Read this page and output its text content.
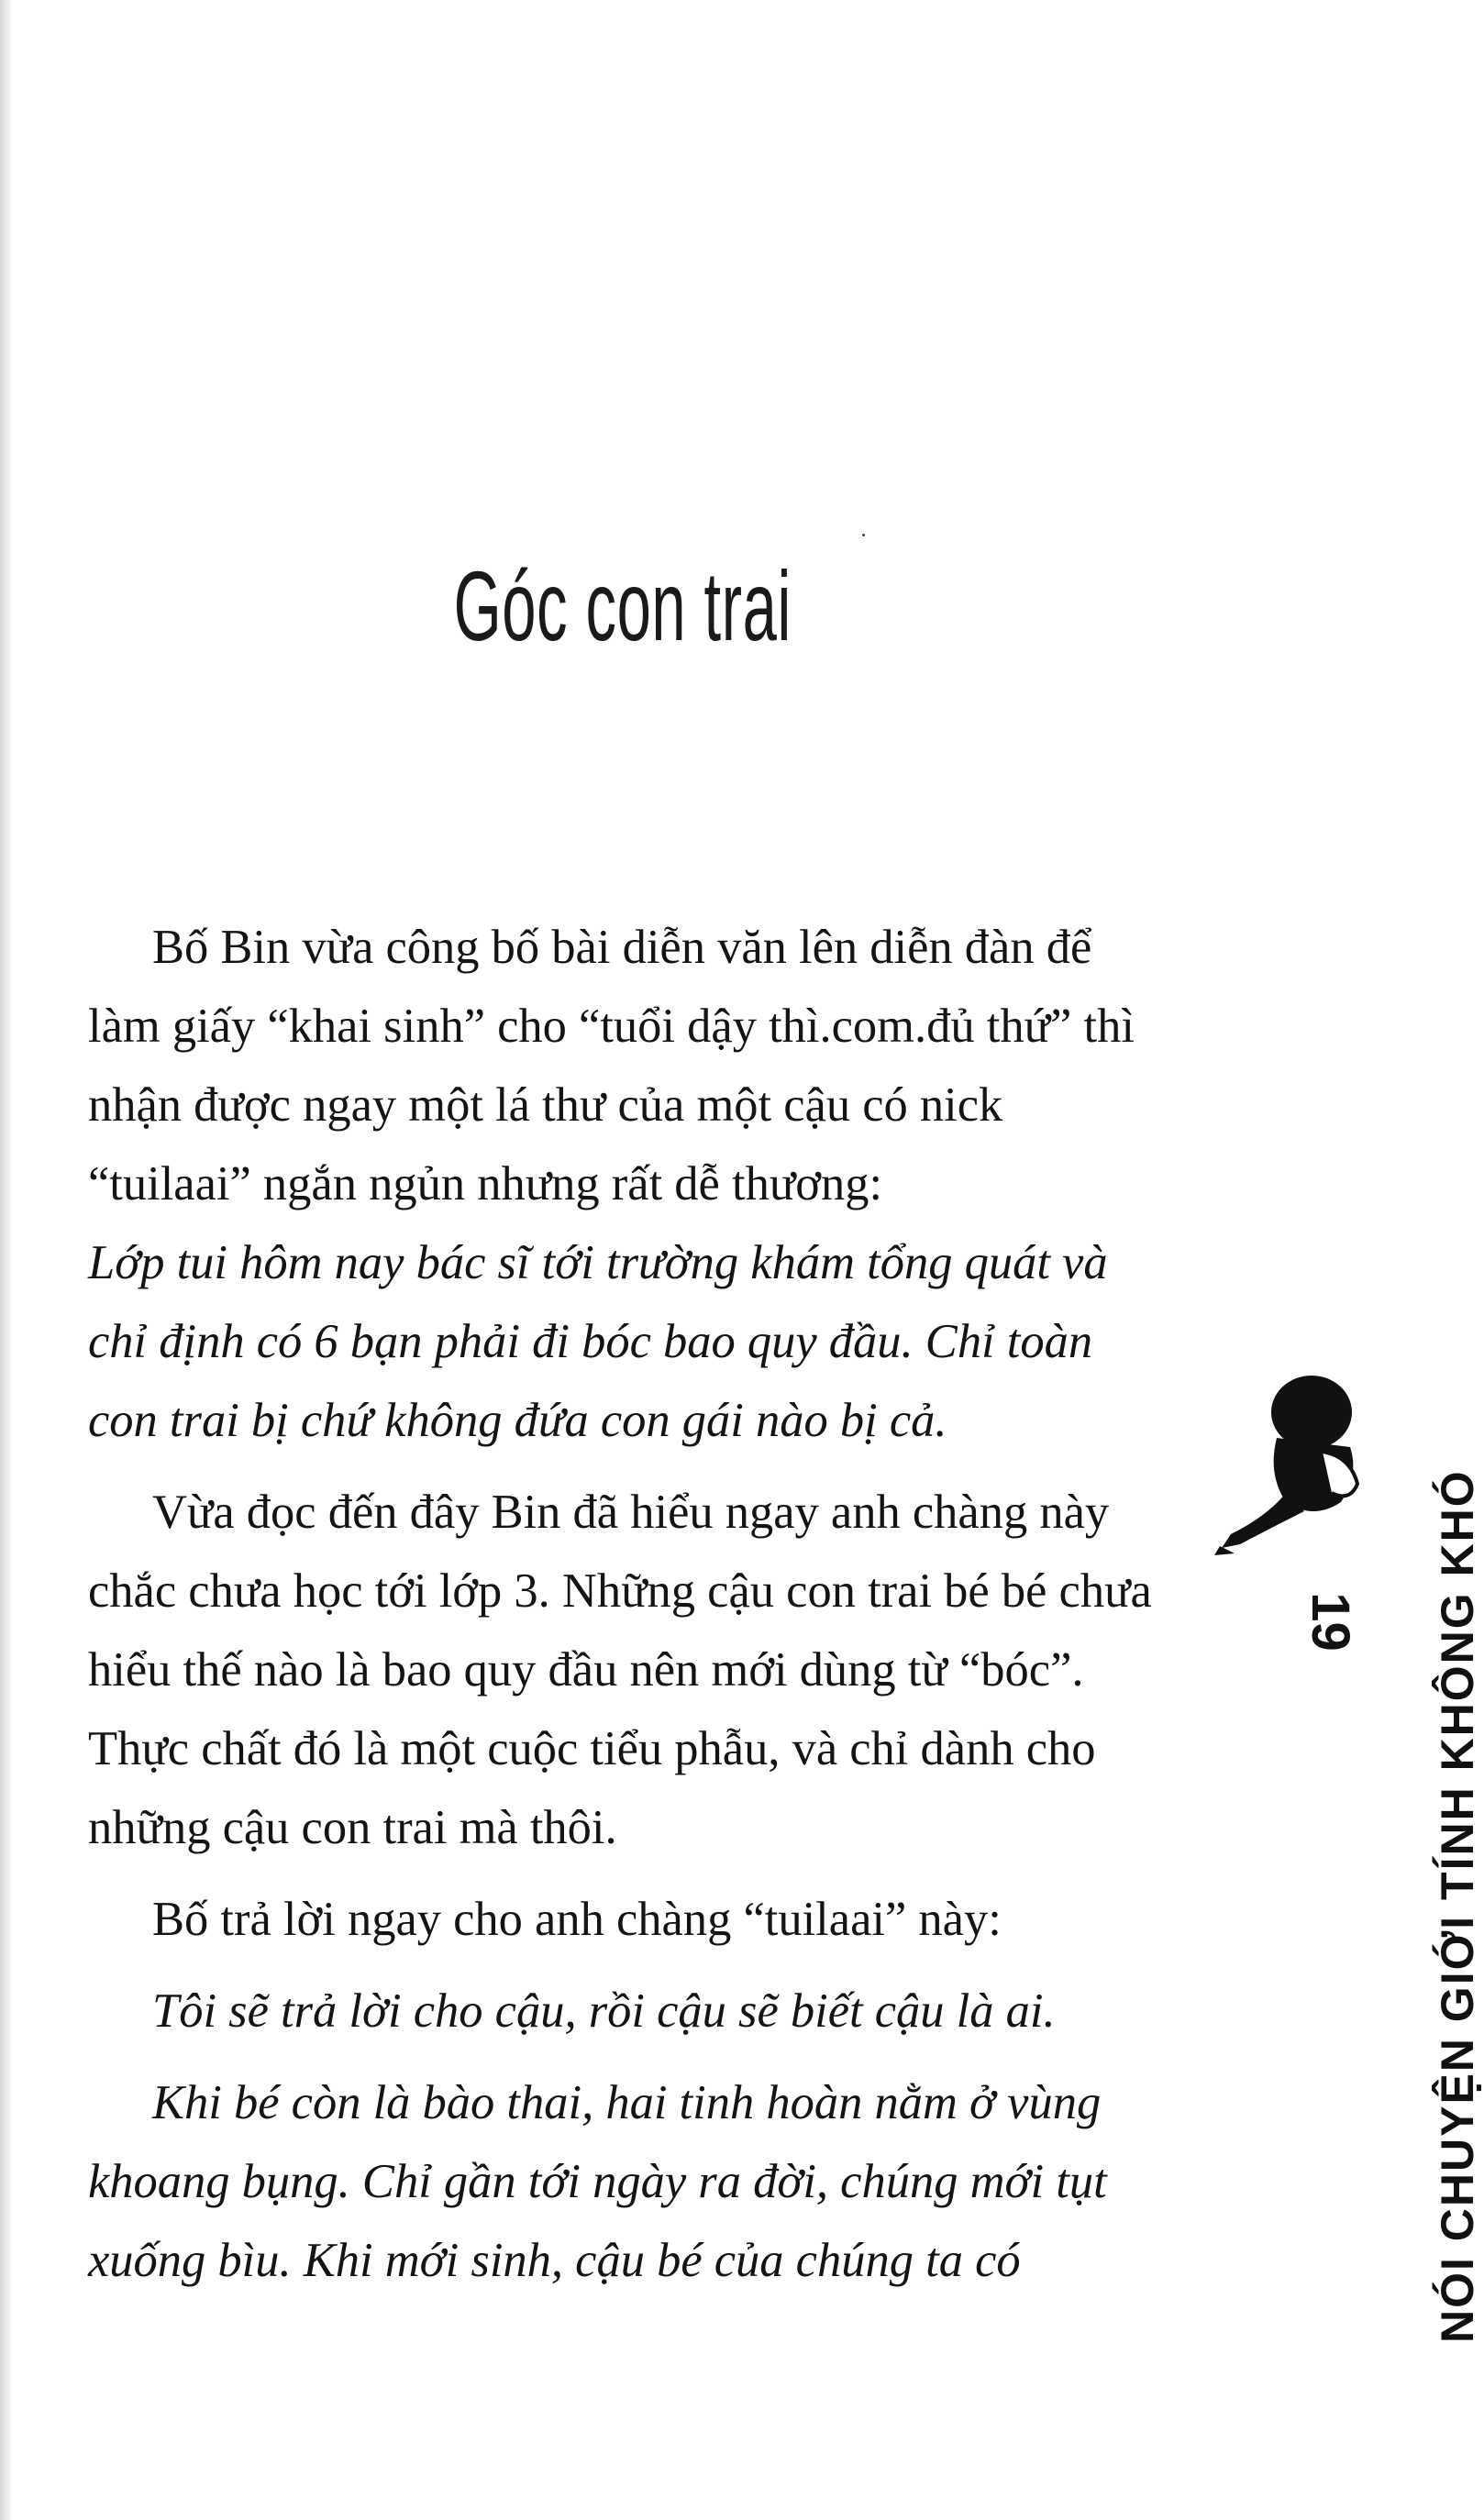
Góc con trai

Bố Bin vừa công bố bài diễn văn lên diễn đàn để làm giấy “khai sinh” cho “tuổi dậy thì.com.đủ thứ” thì nhận được ngay một lá thư của một cậu có nick “tuilaai” ngắn ngủn nhưng rất dễ thương:

Lớp tui hôm nay bác sĩ tới trường khám tổng quát và chỉ định có 6 bạn phải đi bóc bao quy đầu. Chỉ toàn con trai bị chứ không đứa con gái nào bị cả.

Vừa đọc đến đây Bin đã hiểu ngay anh chàng này chắc chưa học tới lớp 3. Những cậu con trai bé bé chưa hiểu thế nào là bao quy đầu nên mới dùng từ “bóc”. Thực chất đó là một cuộc tiểu phẫu, và chỉ dành cho những cậu con trai mà thôi.

Bố trả lời ngay cho anh chàng “tuilaai” này:

Tôi sẽ trả lời cho cậu, rồi cậu sẽ biết cậu là ai.

Khi bé còn là bào thai, hai tinh hoàn nằm ở vùng khoang bụng. Chỉ gần tới ngày ra đời, chúng mới tụt xuống bìu. Khi mới sinh, cậu bé của chúng ta có

19 NÓI CHUYỆN GIỚI TÍNH KHÔNG KHÓ
